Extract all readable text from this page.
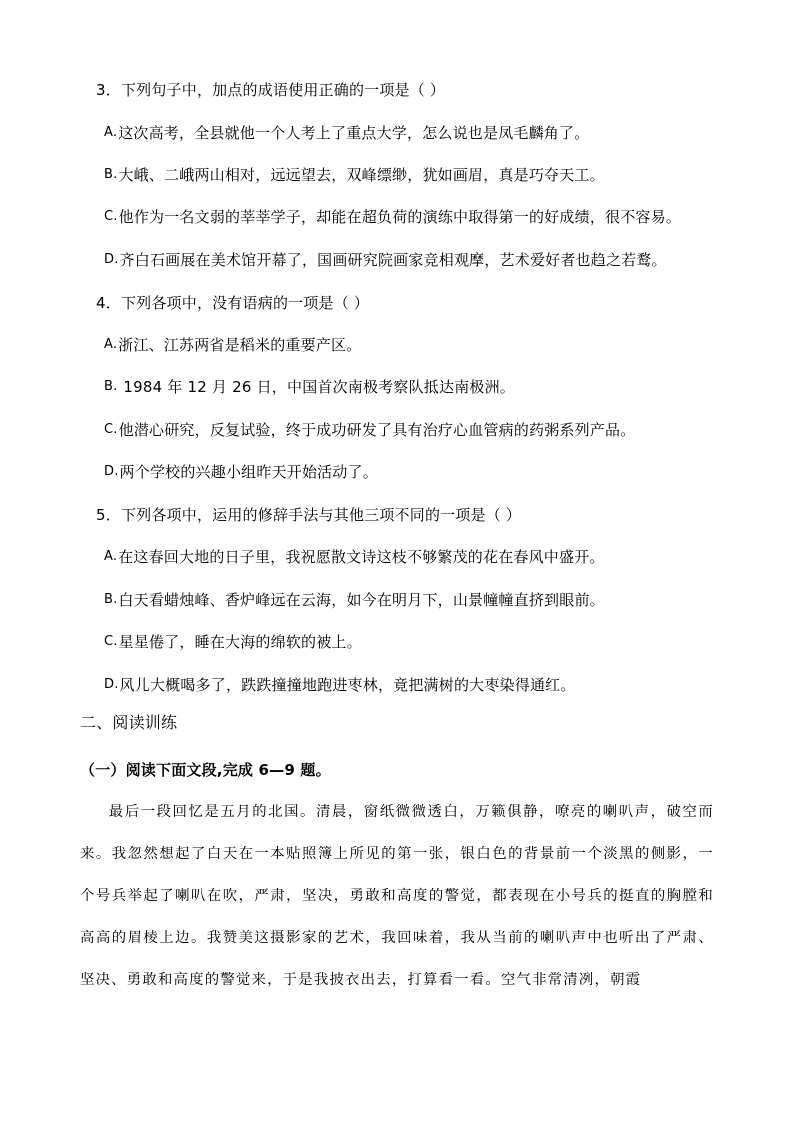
3．下列句子中，加点的成语使用正确的一项是（ ）
A.这次高考，全县就他一个人考上了重点大学，怎么说也是凤毛麟角了。
B.大峨、二峨两山相对，远远望去，双峰缥缈，犹如画眉，真是巧夺天工。
C.他作为一名文弱的莘莘学子，却能在超负荷的演练中取得第一的好成绩，很不容易。
D.齐白石画展在美术馆开幕了，国画研究院画家竞相观摩，艺术爱好者也趋之若鹜。
4．下列各项中，没有语病的一项是（ ）
A.浙江、江苏两省是稻米的重要产区。
B. 1984 年 12 月 26 日，中国首次南极考察队抵达南极洲。
C.他潜心研究，反复试验，终于成功研发了具有治疗心血管病的药粥系列产品。
D.两个学校的兴趣小组昨天开始活动了。
5．下列各项中，运用的修辞手法与其他三项不同的一项是（ ）
A.在这春回大地的日子里，我祝愿散文诗这枝不够繁茂的花在春风中盛开。
B.白天看蜡烛峰、香炉峰远在云海，如今在明月下，山景幢幢直挤到眼前。
C.星星倦了，睡在大海的绵软的被上。
D.风儿大概喝多了，跌跌撞撞地跑进枣林，竟把满树的大枣染得通红。
二、阅读训练
（一）阅读下面文段,完成 6—9 题。

最后一段回忆是五月的北国。清晨，窗纸微微透白，万籁俱静，嘹亮的喇叭声，破空而来。我忽然想起了白天在一本贴照簿上所见的第一张，银白色的背景前一个淡黑的侧影，一个号兵举起了喇叭在吹，严肃，坚决，勇敢和高度的警觉，都表现在小号兵的挺直的胸膛和高高的眉棱上边。我赞美这摄影家的艺术，我回味着，我从当前的喇叭声中也听出了严肃、坚决、勇敢和高度的警觉来，于是我披衣出去，打算看一看。空气非常清冽，朝霞
